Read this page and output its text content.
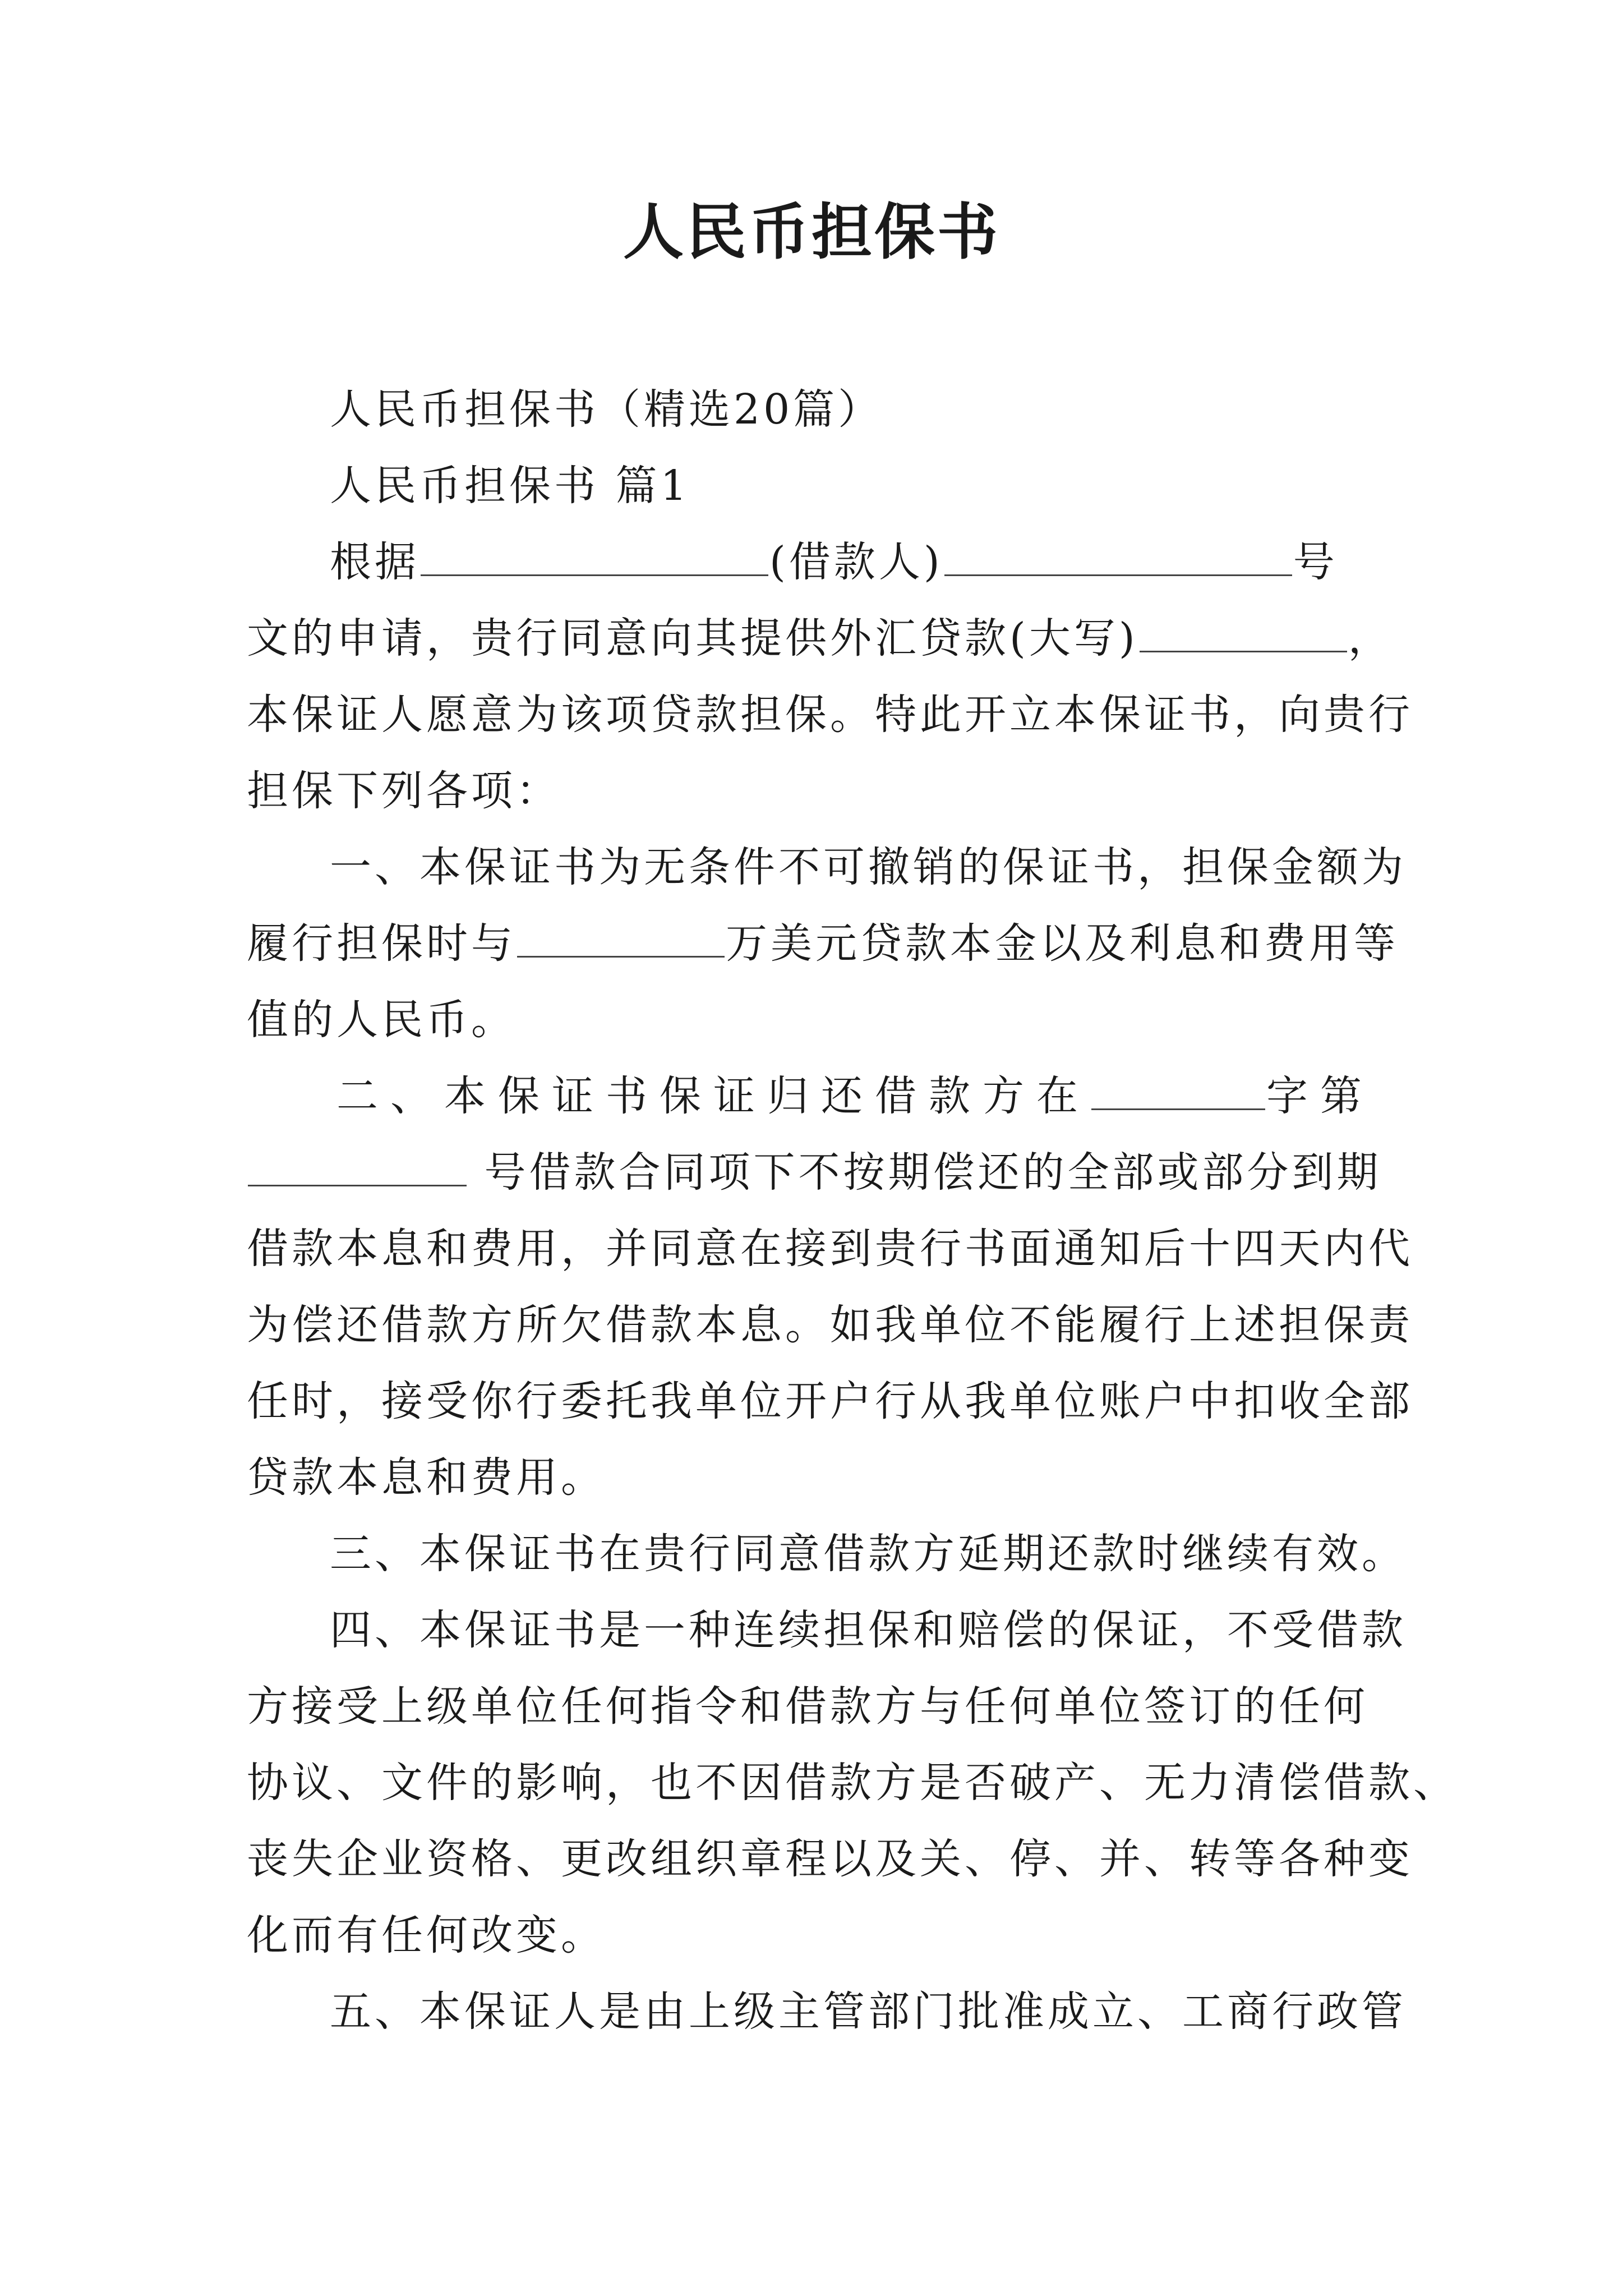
人民币担保书

人民币担保书（精选20篇）

人民币担保书 篇1

根据	(借款人)	号

文的申请，贵行同意向其提供外汇贷款(大写)	，

本保证人愿意为该项贷款担保。特此开立本保证书，向贵行

担保下列各项：

一、本保证书为无条件不可撤销的保证书，担保金额为

履行担保时与	万美元贷款本金以及利息和费用等

值的人民币。

二、本保证书保证归还借款方在	字第

号借款合同项下不按期偿还的全部或部分到期

借款本息和费用，并同意在接到贵行书面通知后十四天内代

为偿还借款方所欠借款本息。如我单位不能履行上述担保责

任时，接受你行委托我单位开户行从我单位账户中扣收全部

贷款本息和费用。

三、本保证书在贵行同意借款方延期还款时继续有效。

四、本保证书是一种连续担保和赔偿的保证，不受借款

方接受上级单位任何指令和借款方与任何单位签订的任何

协议、文件的影响，也不因借款方是否破产、无力清偿借款、

丧失企业资格、更改组织章程以及关、停、并、转等各种变

化而有任何改变。

五、本保证人是由上级主管部门批准成立、工商行政管
